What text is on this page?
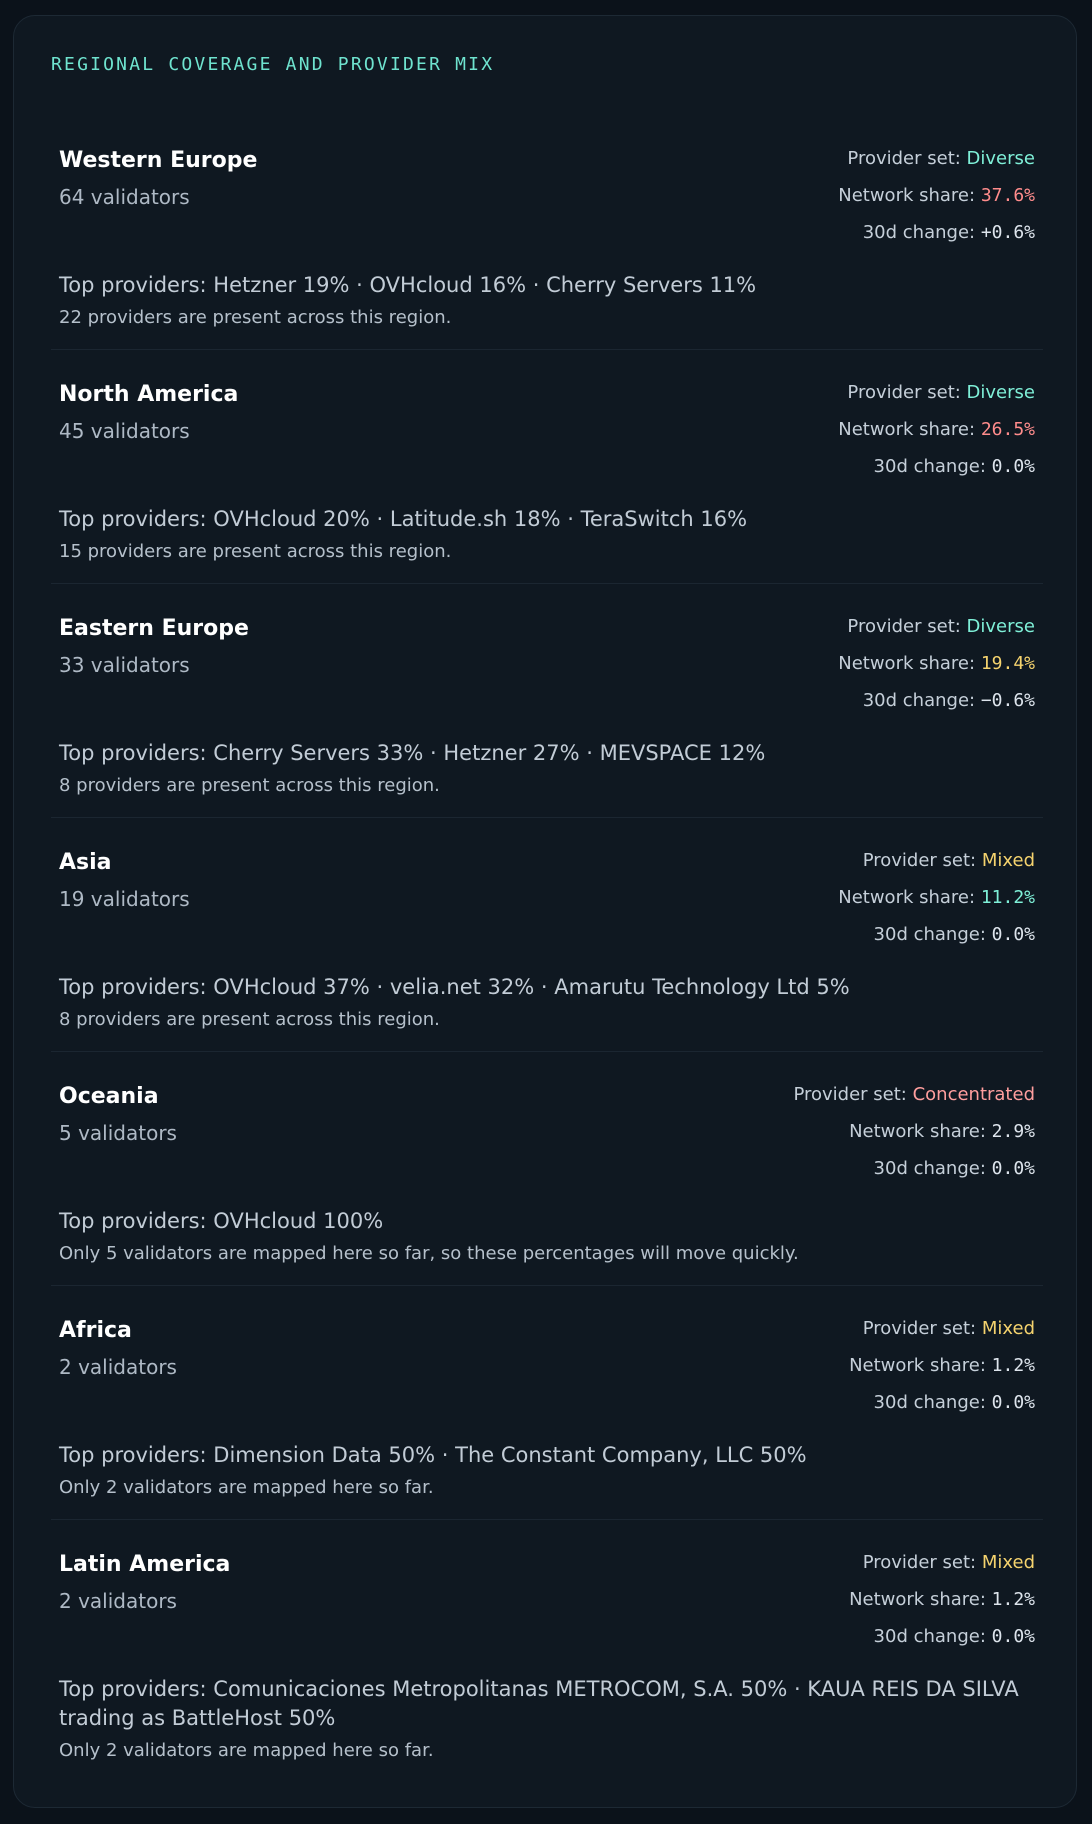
REGIONAL COVERAGE AND PROVIDER MIX
Western Europe
64 validators
Provider set: Diverse
Network share: 37.6%
30d change: +0.6%
Top providers: Hetzner 19% · OVHcloud 16% · Cherry Servers 11%
22 providers are present across this region.
North America
45 validators
Provider set: Diverse
Network share: 26.5%
30d change: 0.0%
Top providers: OVHcloud 20% · Latitude.sh 18% · TeraSwitch 16%
15 providers are present across this region.
Eastern Europe
33 validators
Provider set: Diverse
Network share: 19.4%
30d change: −0.6%
Top providers: Cherry Servers 33% · Hetzner 27% · MEVSPACE 12%
8 providers are present across this region.
Asia
19 validators
Provider set: Mixed
Network share: 11.2%
30d change: 0.0%
Top providers: OVHcloud 37% · velia.net 32% · Amarutu Technology Ltd 5%
8 providers are present across this region.
Oceania
5 validators
Provider set: Concentrated
Network share: 2.9%
30d change: 0.0%
Top providers: OVHcloud 100%
Only 5 validators are mapped here so far, so these percentages will move quickly.
Africa
2 validators
Provider set: Mixed
Network share: 1.2%
30d change: 0.0%
Top providers: Dimension Data 50% · The Constant Company, LLC 50%
Only 2 validators are mapped here so far.
Latin America
2 validators
Provider set: Mixed
Network share: 1.2%
30d change: 0.0%
Top providers: Comunicaciones Metropolitanas METROCOM, S.A. 50% · KAUA REIS DA SILVA trading as BattleHost 50%
Only 2 validators are mapped here so far.
